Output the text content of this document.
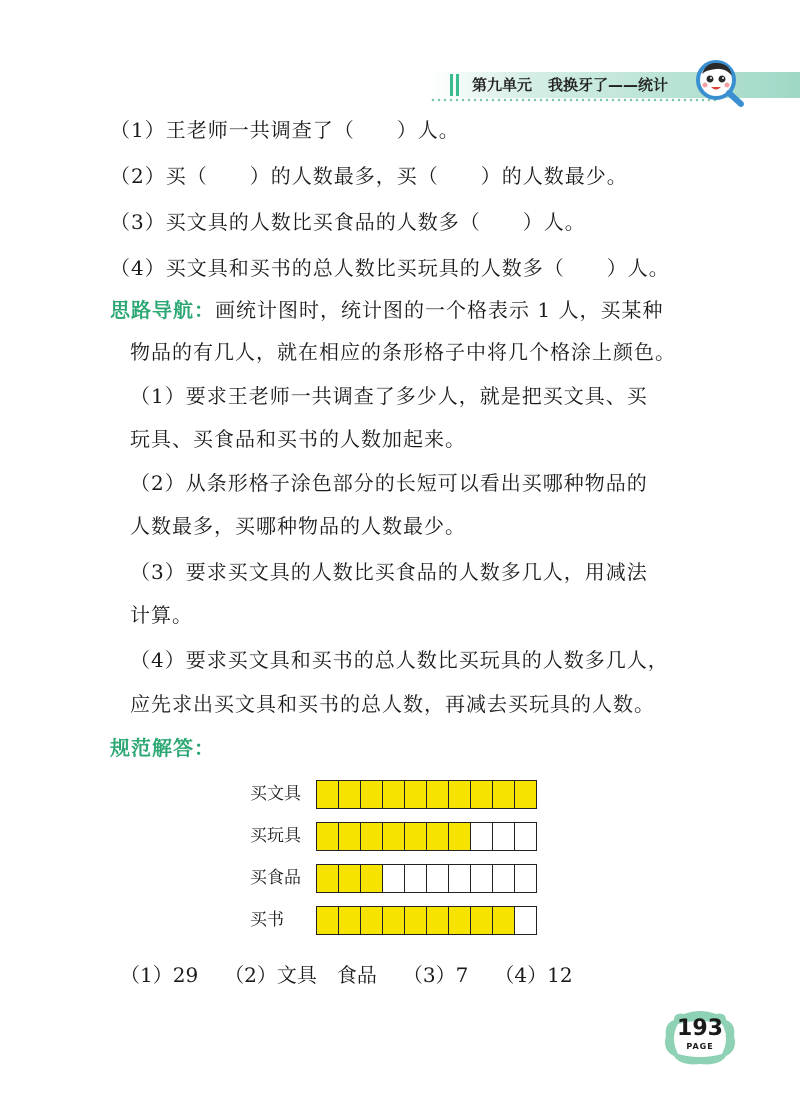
第九单元 我换牙了——统计
（1）王老师一共调查了（　　）人。
（2）买（　　）的人数最多，买（　　）的人数最少。
（3）买文具的人数比买食品的人数多（　　）人。
（4）买文具和买书的总人数比买玩具的人数多（　　）人。
思路导航：画统计图时，统计图的一个格表示 1 人，买某种
物品的有几人，就在相应的条形格子中将几个格涂上颜色。
（1）要求王老师一共调查了多少人，就是把买文具、买
玩具、买食品和买书的人数加起来。
（2）从条形格子涂色部分的长短可以看出买哪种物品的
人数最多，买哪种物品的人数最少。
（3）要求买文具的人数比买食品的人数多几人，用减法
计算。
（4）要求买文具和买书的总人数比买玩具的人数多几人，
应先求出买文具和买书的总人数，再减去买玩具的人数。
规范解答：
买文具
买玩具
买食品
买书
（1）29 （2）文具　食品 （3）7 （4）12
193
PAGE
